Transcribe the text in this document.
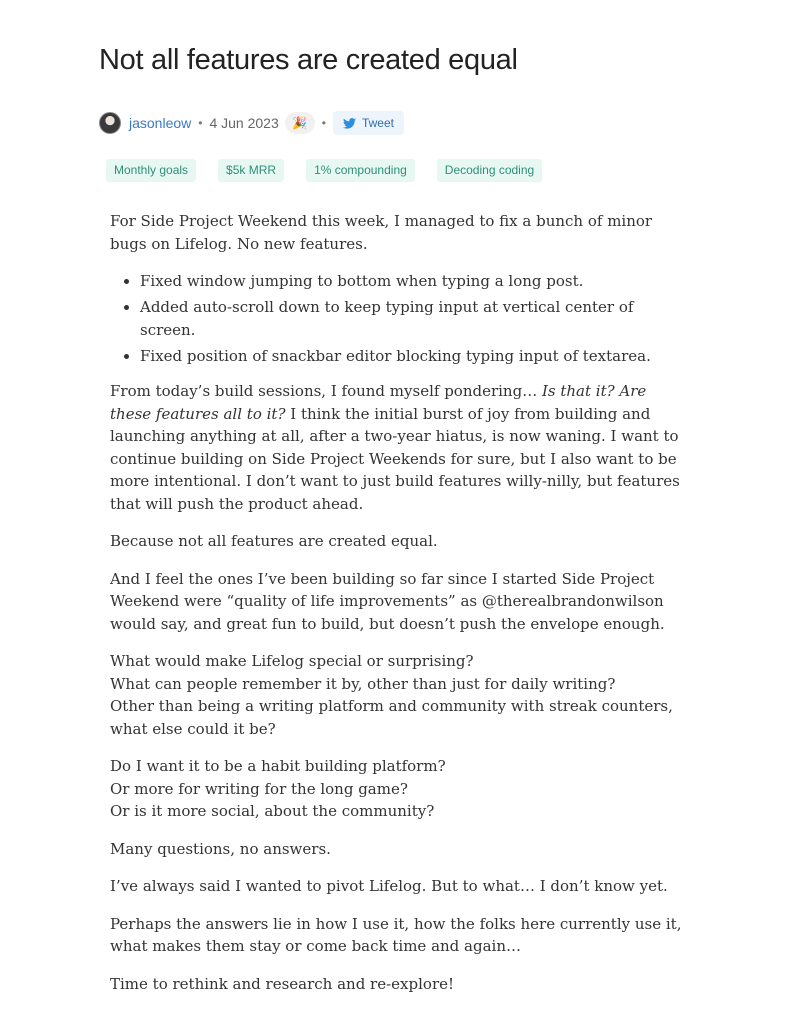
Not all features are created equal
jasonleow • 4 Jun 2023 🎉 •	Tweet
Monthly goals	$5k MRR	1% compounding	Decoding coding

For Side Project Weekend this week, I managed to fix a bunch of minor bugs on Lifelog. No new features.

• Fixed window jumping to bottom when typing a long post.
• Added auto-scroll down to keep typing input at vertical center of screen.
• Fixed position of snackbar editor blocking typing input of textarea.

From today’s build sessions, I found myself pondering… Is that it? Are these features all to it? I think the initial burst of joy from building and launching anything at all, after a two-year hiatus, is now waning. I want to continue building on Side Project Weekends for sure, but I also want to be more intentional. I don’t want to just build features willy-nilly, but features that will push the product ahead.

Because not all features are created equal.

And I feel the ones I’ve been building so far since I started Side Project Weekend were “quality of life improvements” as @therealbrandonwilson would say, and great fun to build, but doesn’t push the envelope enough.

What would make Lifelog special or surprising?
What can people remember it by, other than just for daily writing?
Other than being a writing platform and community with streak counters, what else could it be?

Do I want it to be a habit building platform?
Or more for writing for the long game?
Or is it more social, about the community?

Many questions, no answers.

I’ve always said I wanted to pivot Lifelog. But to what… I don’t know yet.

Perhaps the answers lie in how I use it, how the folks here currently use it, what makes them stay or come back time and again…

Time to rethink and research and re-explore!
